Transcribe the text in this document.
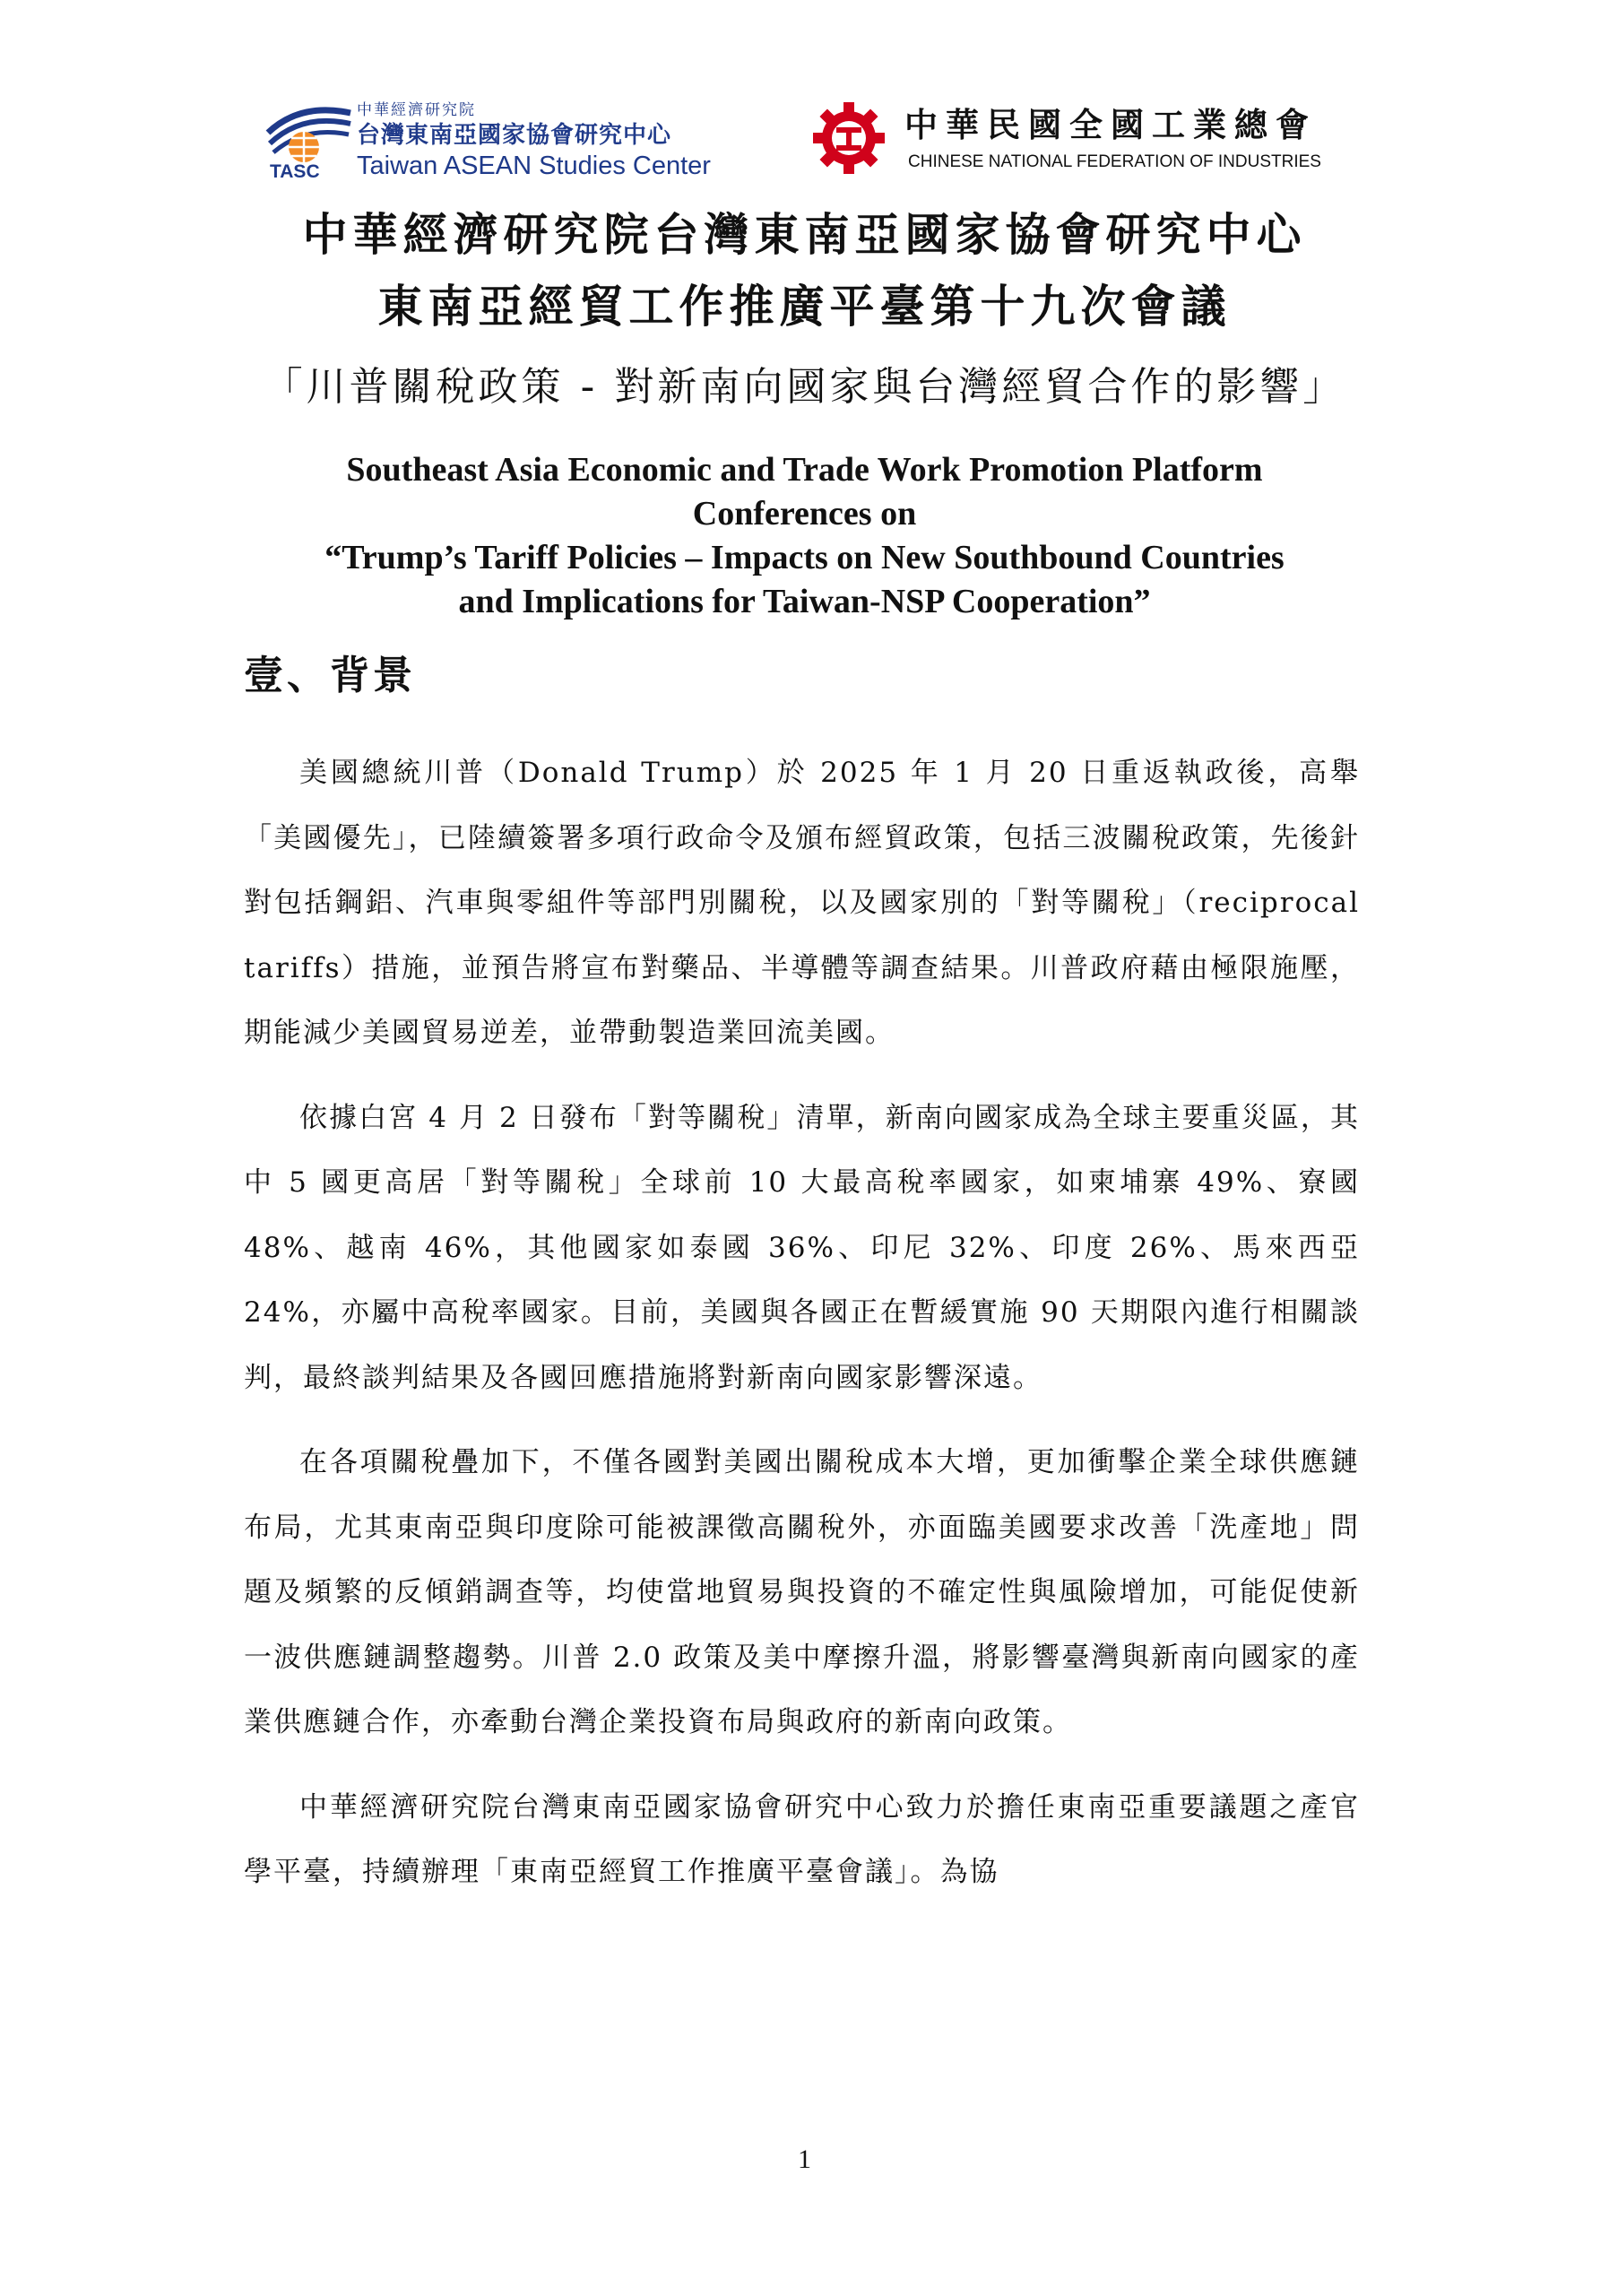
TASC
中華經濟研究院
台灣東南亞國家協會研究中心
Taiwan ASEAN Studies Center
中華民國全國工業總會
CHINESE NATIONAL FEDERATION OF INDUSTRIES
中華經濟研究院台灣東南亞國家協會研究中心
東南亞經貿工作推廣平臺第十九次會議
「川普關稅政策 - 對新南向國家與台灣經貿合作的影響」
Southeast Asia Economic and Trade Work Promotion Platform
Conferences on
“Trump’s Tariff Policies – Impacts on New Southbound Countries
and Implications for Taiwan-NSP Cooperation”
壹、背景

美國總統川普（Donald Trump）於 2025 年 1 月 20 日重返執政後，高舉「美國優先」，已陸續簽署多項行政命令及頒布經貿政策，包括三波關稅政策，先後針對包括鋼鋁、汽車與零組件等部門別關稅，以及國家別的「對等關稅」（reciprocal tariffs）措施，並預告將宣布對藥品、半導體等調查結果。川普政府藉由極限施壓，期能減少美國貿易逆差，並帶動製造業回流美國。

依據白宮 4 月 2 日發布「對等關稅」清單，新南向國家成為全球主要重災區，其中 5 國更高居「對等關稅」全球前 10 大最高稅率國家，如柬埔寨 49%、寮國 48%、越南 46%，其他國家如泰國 36%、印尼 32%、印度 26%、馬來西亞 24%，亦屬中高稅率國家。目前，美國與各國正在暫緩實施 90 天期限內進行相關談判，最終談判結果及各國回應措施將對新南向國家影響深遠。

在各項關稅疊加下，不僅各國對美國出關稅成本大增，更加衝擊企業全球供應鏈布局，尤其東南亞與印度除可能被課徵高關稅外，亦面臨美國要求改善「洗產地」問題及頻繁的反傾銷調查等，均使當地貿易與投資的不確定性與風險增加，可能促使新一波供應鏈調整趨勢。川普 2.0 政策及美中摩擦升溫，將影響臺灣與新南向國家的產業供應鏈合作，亦牽動台灣企業投資布局與政府的新南向政策。

中華經濟研究院台灣東南亞國家協會研究中心致力於擔任東南亞重要議題之產官學平臺，持續辦理「東南亞經貿工作推廣平臺會議」。為協

1
